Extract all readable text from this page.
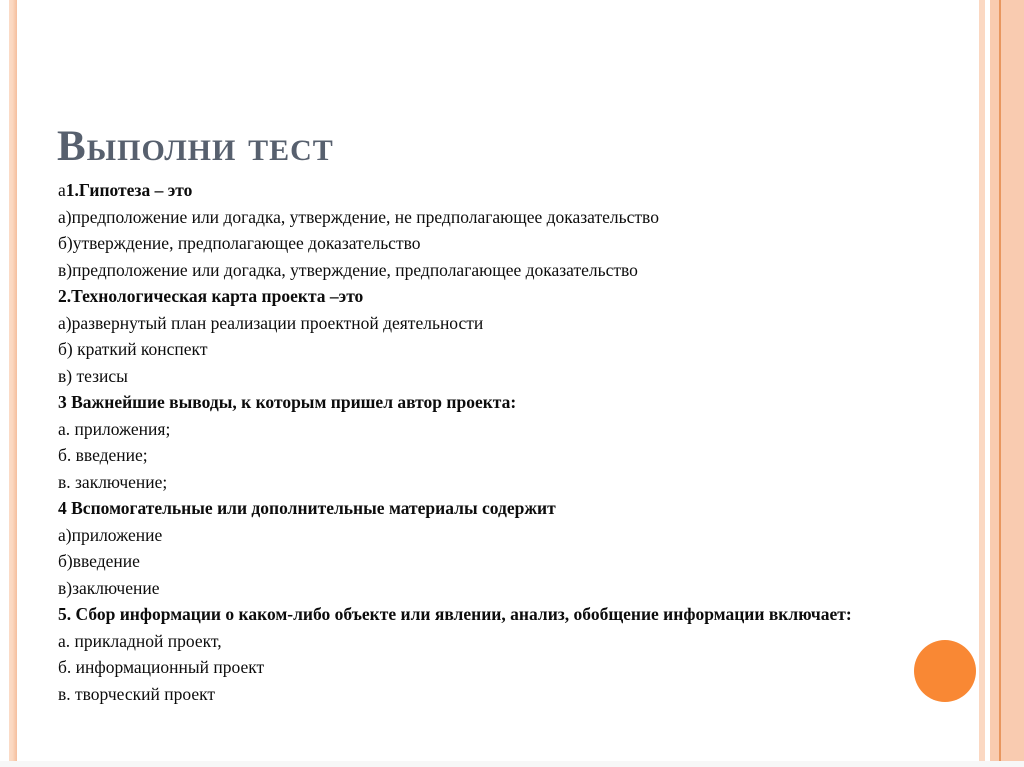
Выполни тест
а1.Гипотеза – это
а)предположение или догадка, утверждение, не предполагающее доказательство
б)утверждение, предполагающее доказательство
в)предположение или догадка, утверждение, предполагающее доказательство
2.Технологическая карта проекта –это
а)развернутый план реализации проектной деятельности
б) краткий конспект
в) тезисы
3 Важнейшие выводы, к которым пришел автор проекта:
а. приложения;
б. введение;
в. заключение;
4 Вспомогательные или дополнительные материалы содержит
а)приложение
б)введение
в)заключение
5. Сбор информации о каком-либо объекте или явлении, анализ, обобщение информации включает:
а. прикладной проект,
б. информационный проект
в. творческий проект
